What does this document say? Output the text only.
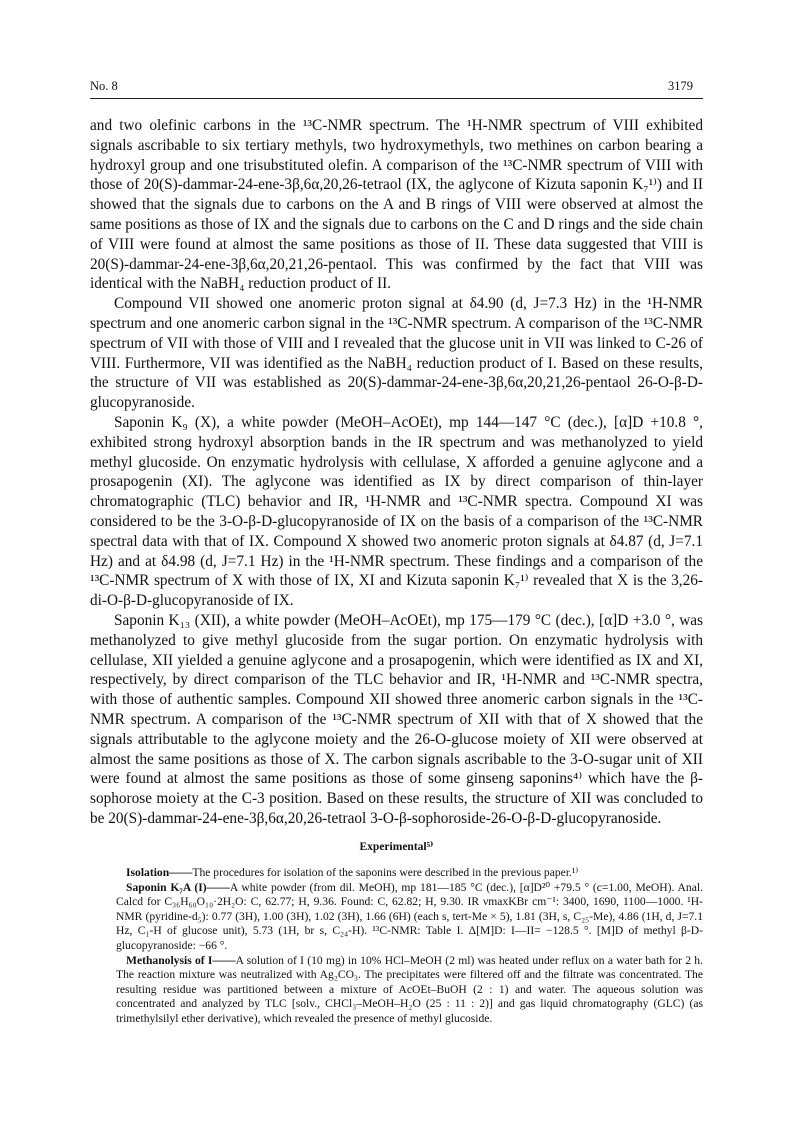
No. 8	3179

and two olefinic carbons in the ¹³C-NMR spectrum. The ¹H-NMR spectrum of VIII exhibited signals ascribable to six tertiary methyls, two hydroxymethyls, two methines on carbon bearing a hydroxyl group and one trisubstituted olefin. A comparison of the ¹³C-NMR spectrum of VIII with those of 20(S)-dammar-24-ene-3β,6α,20,26-tetraol (IX, the aglycone of Kizuta saponin K₇¹⁾) and II showed that the signals due to carbons on the A and B rings of VIII were observed at almost the same positions as those of IX and the signals due to carbons on the C and D rings and the side chain of VIII were found at almost the same positions as those of II. These data suggested that VIII is 20(S)-dammar-24-ene-3β,6α,20,21,26-pentaol. This was confirmed by the fact that VIII was identical with the NaBH₄ reduction product of II.

Compound VII showed one anomeric proton signal at δ4.90 (d, J=7.3 Hz) in the ¹H-NMR spectrum and one anomeric carbon signal in the ¹³C-NMR spectrum. A comparison of the ¹³C-NMR spectrum of VII with those of VIII and I revealed that the glucose unit in VII was linked to C-26 of VIII. Furthermore, VII was identified as the NaBH₄ reduction product of I. Based on these results, the structure of VII was established as 20(S)-dammar-24-ene-3β,6α,20,21,26-pentaol 26-O-β-D-glucopyranoside.

Saponin K₉ (X), a white powder (MeOH–AcOEt), mp 144—147 °C (dec.), [α]D +10.8 °, exhibited strong hydroxyl absorption bands in the IR spectrum and was methanolyzed to yield methyl glucoside. On enzymatic hydrolysis with cellulase, X afforded a genuine aglycone and a prosapogenin (XI). The aglycone was identified as IX by direct comparison of thin-layer chromatographic (TLC) behavior and IR, ¹H-NMR and ¹³C-NMR spectra. Compound XI was considered to be the 3-O-β-D-glucopyranoside of IX on the basis of a comparison of the ¹³C-NMR spectral data with that of IX. Compound X showed two anomeric proton signals at δ4.87 (d, J=7.1 Hz) and at δ4.98 (d, J=7.1 Hz) in the ¹H-NMR spectrum. These findings and a comparison of the ¹³C-NMR spectrum of X with those of IX, XI and Kizuta saponin K₇¹⁾ revealed that X is the 3,26-di-O-β-D-glucopyranoside of IX.

Saponin K₁₃ (XII), a white powder (MeOH–AcOEt), mp 175—179 °C (dec.), [α]D +3.0 °, was methanolyzed to give methyl glucoside from the sugar portion. On enzymatic hydrolysis with cellulase, XII yielded a genuine aglycone and a prosapogenin, which were identified as IX and XI, respectively, by direct comparison of the TLC behavior and IR, ¹H-NMR and ¹³C-NMR spectra, with those of authentic samples. Compound XII showed three anomeric carbon signals in the ¹³C-NMR spectrum. A comparison of the ¹³C-NMR spectrum of XII with that of X showed that the signals attributable to the aglycone moiety and the 26-O-glucose moiety of XII were observed at almost the same positions as those of X. The carbon signals ascribable to the 3-O-sugar unit of XII were found at almost the same positions as those of some ginseng saponins⁴⁾ which have the β-sophorose moiety at the C-3 position. Based on these results, the structure of XII was concluded to be 20(S)-dammar-24-ene-3β,6α,20,26-tetraol 3-O-β-sophoroside-26-O-β-D-glucopyranoside.

Experimental⁵⁾

Isolation——The procedures for isolation of the saponins were described in the previous paper.¹⁾

Saponin K₇A (I)——A white powder (from dil. MeOH), mp 181—185 °C (dec.), [α]D²⁰ +79.5 ° (c=1.00, MeOH). Anal. Calcd for C₃₆H₆₀O₁₀·2H₂O: C, 62.77; H, 9.36. Found: C, 62.82; H, 9.30. IR νmaxKBr cm⁻¹: 3400, 1690, 1100—1000. ¹H-NMR (pyridine-d₅): 0.77 (3H), 1.00 (3H), 1.02 (3H), 1.66 (6H) (each s, tert-Me × 5), 1.81 (3H, s, C₂₅-Me), 4.86 (1H, d, J=7.1 Hz, C₁-H of glucose unit), 5.73 (1H, br s, C₂₄-H). ¹³C-NMR: Table I. Δ[M]D: I—II= −128.5 °. [M]D of methyl β-D-glucopyranoside: −66 °.

Methanolysis of I——A solution of I (10 mg) in 10% HCl–MeOH (2 ml) was heated under reflux on a water bath for 2 h. The reaction mixture was neutralized with Ag₂CO₃. The precipitates were filtered off and the filtrate was concentrated. The resulting residue was partitioned between a mixture of AcOEt–BuOH (2 : 1) and water. The aqueous solution was concentrated and analyzed by TLC [solv., CHCl₃–MeOH–H₂O (25 : 11 : 2)] and gas liquid chromatography (GLC) (as trimethylsilyl ether derivative), which revealed the presence of methyl glucoside.
